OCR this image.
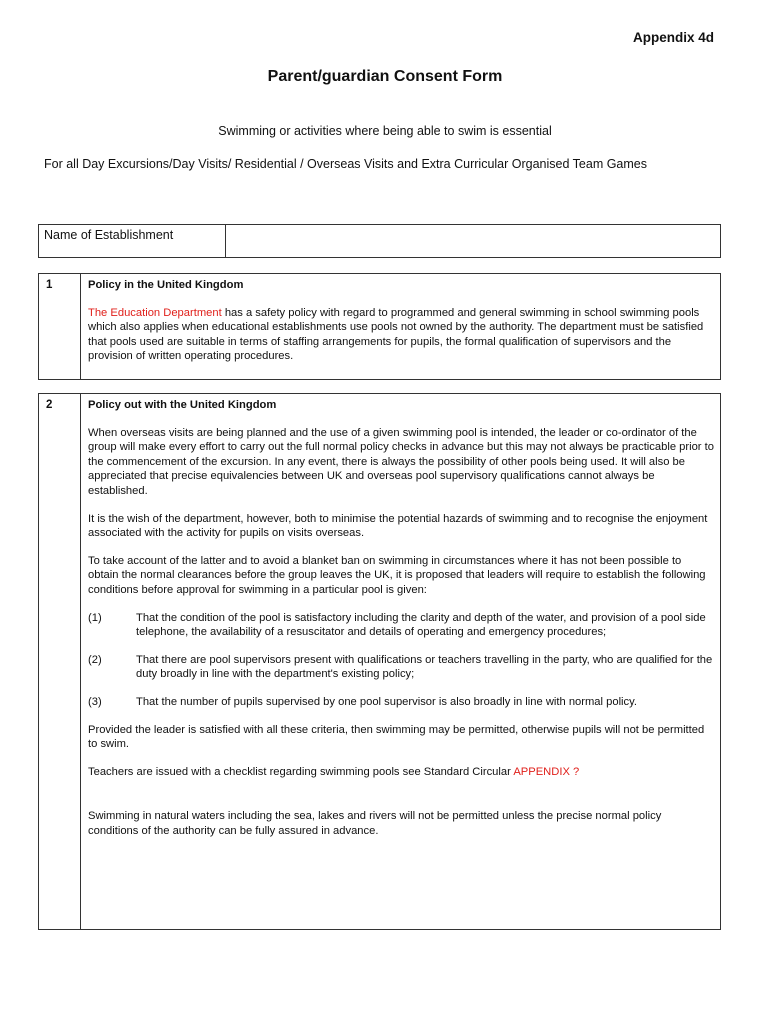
Appendix 4d
Parent/guardian Consent Form
Swimming or activities where being able to swim is essential
For all Day Excursions/Day Visits/ Residential / Overseas Visits and Extra Curricular Organised Team Games
Name of Establishment
1	Policy in the United Kingdom

The Education Department has a safety policy with regard to programmed and general swimming in school swimming pools which also applies when educational establishments use pools not owned by the authority. The department must be satisfied that pools used are suitable in terms of staffing arrangements for pupils, the formal qualification of supervisors and the provision of written operating procedures.

2	Policy out with the United Kingdom

When overseas visits are being planned and the use of a given swimming pool is intended, the leader or co-ordinator of the group will make every effort to carry out the full normal policy checks in advance but this may not always be practicable prior to the commencement of the excursion. In any event, there is always the possibility of other pools being used. It will also be appreciated that precise equivalencies between UK and overseas pool supervisory qualifications cannot always be established.

It is the wish of the department, however, both to minimise the potential hazards of swimming and to recognise the enjoyment associated with the activity for pupils on visits overseas.

To take account of the latter and to avoid a blanket ban on swimming in circumstances where it has not been possible to obtain the normal clearances before the group leaves the UK, it is proposed that leaders will require to establish the following conditions before approval for swimming in a particular pool is given:

(1)	That the condition of the pool is satisfactory including the clarity and depth of the water, and provision of a pool side telephone, the availability of a resuscitator and details of operating and emergency procedures;
(2)	That there are pool supervisors present with qualifications or teachers travelling in the party, who are qualified for the duty broadly in line with the department's existing policy;
(3)	That the number of pupils supervised by one pool supervisor is also broadly in line with normal policy.

Provided the leader is satisfied with all these criteria, then swimming may be permitted, otherwise pupils will not be permitted to swim.

Teachers are issued with a checklist regarding swimming pools see Standard Circular APPENDIX ?

Swimming in natural waters including the sea, lakes and rivers will not be permitted unless the precise normal policy conditions of the authority can be fully assured in advance.
